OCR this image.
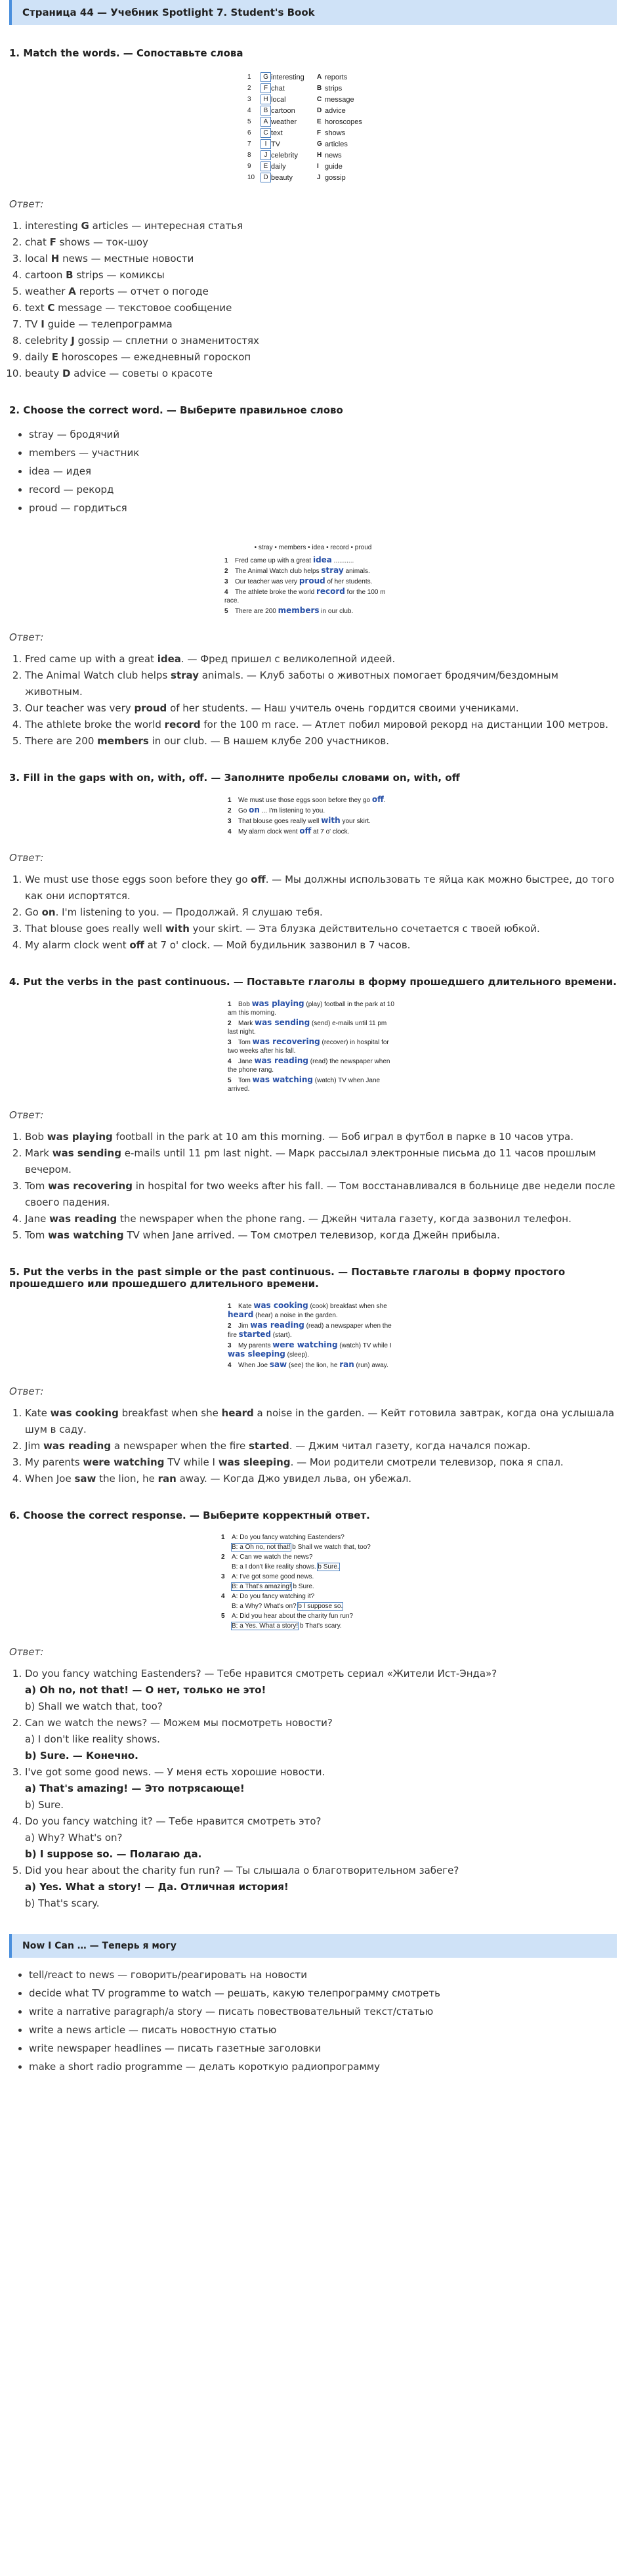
Страница 44 — Учебник Spotlight 7. Student's Book
1. Match the words. — Сопоставьте слова
1	G interesting	A reports
2	F chat	B strips
3	H local	C message
4	B cartoon	D advice
5	A weather	E horoscopes
6	C text	F shows
7	I TV	G articles
8	J celebrity	H news
9	E daily	I guide
10	D beauty	J gossip
Ответ:
1. interesting G articles — интересная статья
2. chat F shows — ток-шоу
3. local H news — местные новости
4. cartoon B strips — комиксы
5. weather A reports — отчет о погоде
6. text C message — текстовое сообщение
7. TV I guide — телепрограмма
8. celebrity J gossip — сплетни о знаменитостях
9. daily E horoscopes — ежедневный гороскоп
10. beauty D advice — советы о красоте
2. Choose the correct word. — Выберите правильное слово
• stray — бродячий
• members — участник
• idea — идея
• record — рекорд
• proud — гордиться
• stray • members • idea • record • proud
1 Fred came up with a great idea ...........
2 The Animal Watch club helps stray animals.
3 Our teacher was very proud of her students.
4 The athlete broke the world record for the 100 m race.
5 There are 200 members in our club.
Ответ:
1. Fred came up with a great idea. — Фред пришел с великолепной идеей.
2. The Animal Watch club helps stray animals. — Клуб заботы о животных помогает бродячим/бездомным животным.
3. Our teacher was very proud of her students. — Наш учитель очень гордится своими учениками.
4. The athlete broke the world record for the 100 m race. — Атлет побил мировой рекорд на дистанции 100 метров.
5. There are 200 members in our club. — В нашем клубе 200 участников.
3. Fill in the gaps with on, with, off. — Заполните пробелы словами on, with, off
1 We must use those eggs soon before they go off.
2 Go on ... I'm listening to you.
3 That blouse goes really well with your skirt.
4 My alarm clock went off at 7 o' clock.
Ответ:
1. We must use those eggs soon before they go off. — Мы должны использовать те яйца как можно быстрее, до того как они испортятся.
2. Go on. I'm listening to you. — Продолжай. Я слушаю тебя.
3. That blouse goes really well with your skirt. — Эта блузка действительно сочетается с твоей юбкой.
4. My alarm clock went off at 7 o' clock. — Мой будильник зазвонил в 7 часов.
4. Put the verbs in the past continuous. — Поставьте глаголы в форму прошедшего длительного времени.
1 Bob was playing (play) football in the park at 10 am this morning.
2 Mark was sending (send) e-mails until 11 pm last night.
3 Tom was recovering (recover) in hospital for two weeks after his fall.
4 Jane was reading (read) the newspaper when the phone rang.
5 Tom was watching (watch) TV when Jane arrived.
Ответ:
1. Bob was playing football in the park at 10 am this morning. — Боб играл в футбол в парке в 10 часов утра.
2. Mark was sending e-mails until 11 pm last night. — Марк рассылал электронные письма до 11 часов прошлым вечером.
3. Tom was recovering in hospital for two weeks after his fall. — Том восстанавливался в больнице две недели после своего падения.
4. Jane was reading the newspaper when the phone rang. — Джейн читала газету, когда зазвонил телефон.
5. Tom was watching TV when Jane arrived. — Том смотрел телевизор, когда Джейн прибыла.
5. Put the verbs in the past simple or the past continuous. — Поставьте глаголы в форму простого прошедшего или прошедшего длительного времени.
1 Kate was cooking (cook) breakfast when she heard (hear) a noise in the garden.
2 Jim was reading (read) a newspaper when the fire started (start).
3 My parents were watching (watch) TV while I was sleeping (sleep).
4 When Joe saw (see) the lion, he ran (run) away.
Ответ:
1. Kate was cooking breakfast when she heard a noise in the garden. — Кейт готовила завтрак, когда она услышала шум в саду.
2. Jim was reading a newspaper when the fire started. — Джим читал газету, когда начался пожар.
3. My parents were watching TV while I was sleeping. — Мои родители смотрели телевизор, пока я спал.
4. When Joe saw the lion, he ran away. — Когда Джо увидел льва, он убежал.
6. Choose the correct response. — Выберите корректный ответ.
1 A: Do you fancy watching Eastenders?
B: a Oh no, not that! b Shall we watch that, too?
2 A: Can we watch the news?
B: a I don't like reality shows. b Sure.
3 A: I've got some good news.
B: a That's amazing! b Sure.
4 A: Do you fancy watching it?
B: a Why? What's on? b I suppose so.
5 A: Did you hear about the charity fun run?
B: a Yes. What a story! b That's scary.
Ответ:
1. Do you fancy watching Eastenders? — Тебе нравится смотреть сериал «Жители Ист-Энда»?
a) Oh no, not that! — О нет, только не это!
b) Shall we watch that, too?
2. Can we watch the news? — Можем мы посмотреть новости?
a) I don't like reality shows.
b) Sure. — Конечно.
3. I've got some good news. — У меня есть хорошие новости.
a) That's amazing! — Это потрясающе!
b) Sure.
4. Do you fancy watching it? — Тебе нравится смотреть это?
a) Why? What's on?
b) I suppose so. — Полагаю да.
5. Did you hear about the charity fun run? — Ты слышала о благотворительном забеге?
a) Yes. What a story! — Да. Отличная история!
b) That's scary.
Now I Can … — Теперь я могу
• tell/react to news — говорить/реагировать на новости
• decide what TV programme to watch — решать, какую телепрограмму смотреть
• write a narrative paragraph/a story — писать повествовательный текст/статью
• write a news article — писать новостную статью
• write newspaper headlines — писать газетные заголовки
• make a short radio programme — делать короткую радиопрограмму
